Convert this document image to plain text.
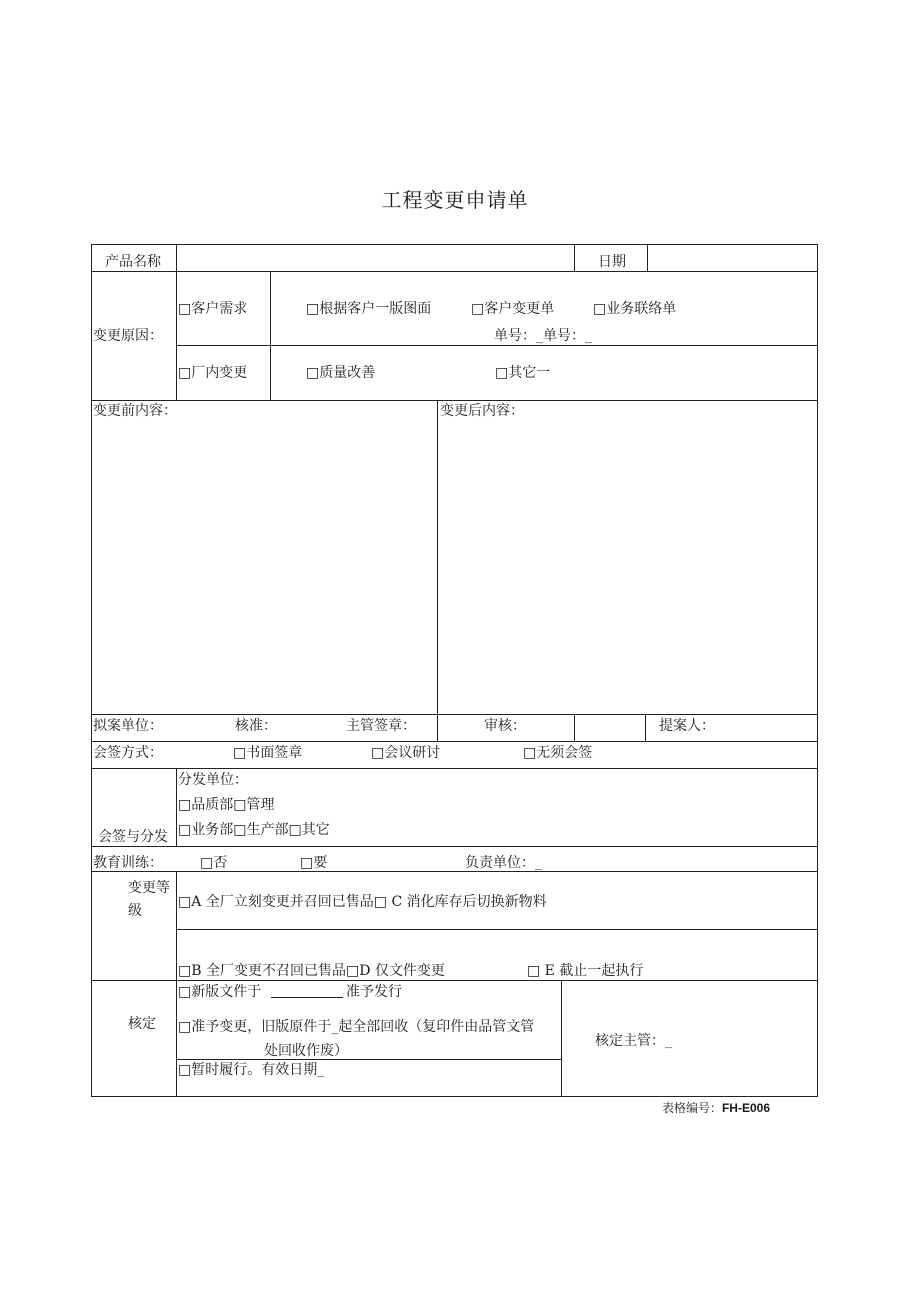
工程变更申请单
产品名称	日期
变更原因：
□客户需求	□根据客户一版图面	□客户变更单	□业务联络单
单号：_单号：_
□厂内变更	□质量改善	□其它一
变更前内容：	变更后内容：
拟案单位：	核准：	主管签章：	审核：	提案人：
会签方式：	□书面签章	□会议研讨	□无须会签
会签与分发
分发单位：
□品质部□管理
□业务部□生产部□其它
教育训练：	□否	□要	负责单位：_
变更等
级
□A 全厂立刻变更并召回已售品□ C 消化库存后切换新物料
□B 全厂变更不召回已售品□D 仅文件变更	□ E 截止一起执行
核定
□新版文件于	准予发行
□准予变更，旧版原件于_起全部回收（复印件由品管文管
处回收作废）
□暂时履行。有效日期_
核定主管：_
表格编号：FH-E006
